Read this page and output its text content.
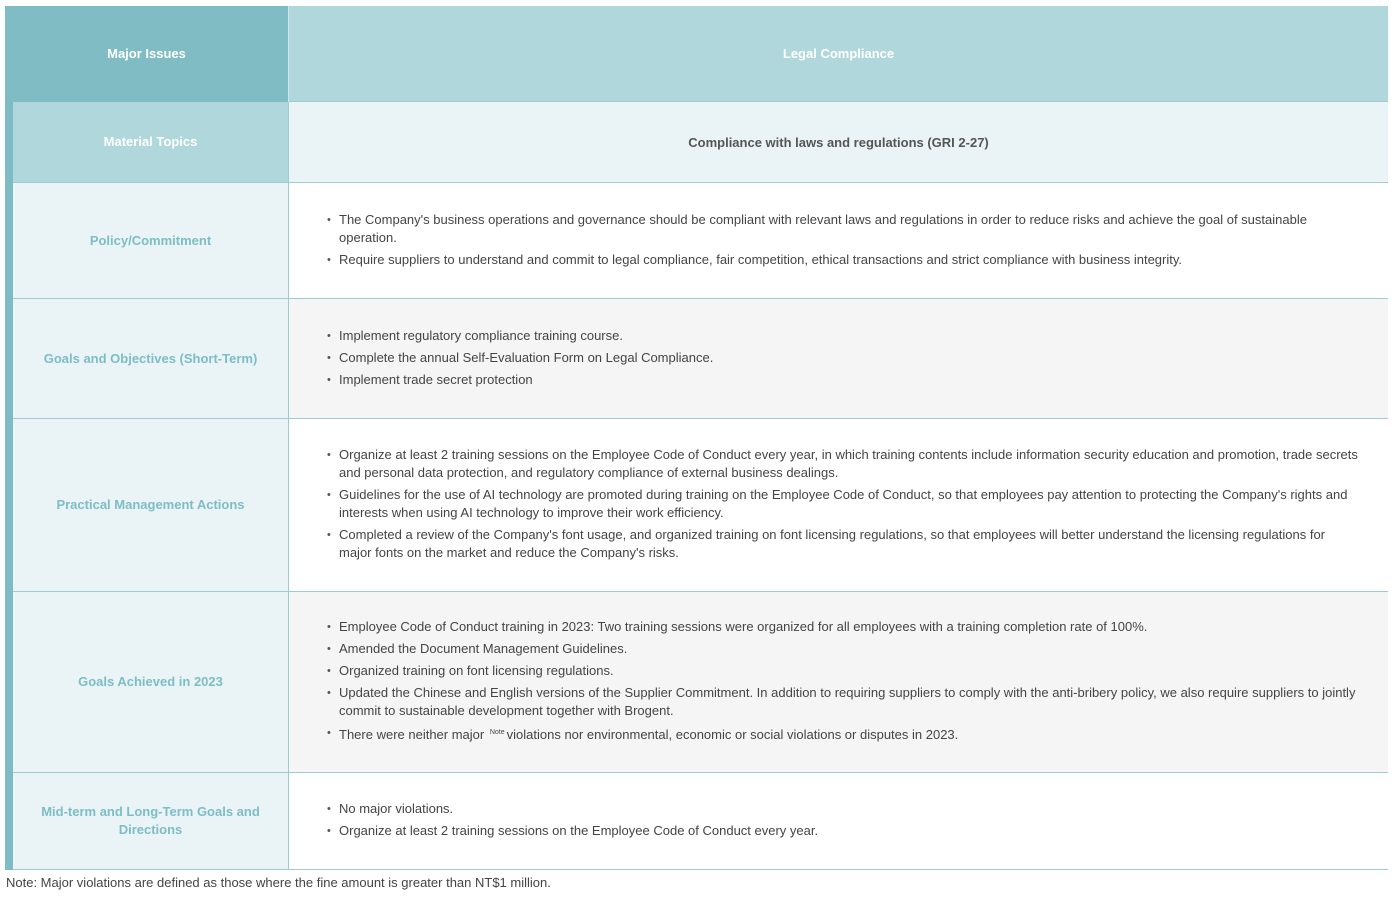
Major Issues	Legal Compliance
Material Topics	Compliance with laws and regulations (GRI 2-27)
Policy/Commitment
• The Company's business operations and governance should be compliant with relevant laws and regulations in order to reduce risks and achieve the goal of sustainable operation.
• Require suppliers to understand and commit to legal compliance, fair competition, ethical transactions and strict compliance with business integrity.
Goals and Objectives (Short-Term)
• Implement regulatory compliance training course.
• Complete the annual Self-Evaluation Form on Legal Compliance.
• Implement trade secret protection
Practical Management Actions
• Organize at least 2 training sessions on the Employee Code of Conduct every year, in which training contents include information security education and promotion, trade secrets and personal data protection, and regulatory compliance of external business dealings.
• Guidelines for the use of AI technology are promoted during training on the Employee Code of Conduct, so that employees pay attention to protecting the Company's rights and interests when using AI technology to improve their work efficiency.
• Completed a review of the Company's font usage, and organized training on font licensing regulations, so that employees will better understand the licensing regulations for major fonts on the market and reduce the Company's risks.
Goals Achieved in 2023
• Employee Code of Conduct training in 2023: Two training sessions were organized for all employees with a training completion rate of 100%.
• Amended the Document Management Guidelines.
• Organized training on font licensing regulations.
• Updated the Chinese and English versions of the Supplier Commitment. In addition to requiring suppliers to comply with the anti-bribery policy, we also require suppliers to jointly commit to sustainable development together with Brogent.
• There were neither major $^{Note}$ violations nor environmental, economic or social violations or disputes in 2023.
Mid-term and Long-Term Goals and Directions
• No major violations.
• Organize at least 2 training sessions on the Employee Code of Conduct every year.
Note: Major violations are defined as those where the fine amount is greater than NT$1 million.
